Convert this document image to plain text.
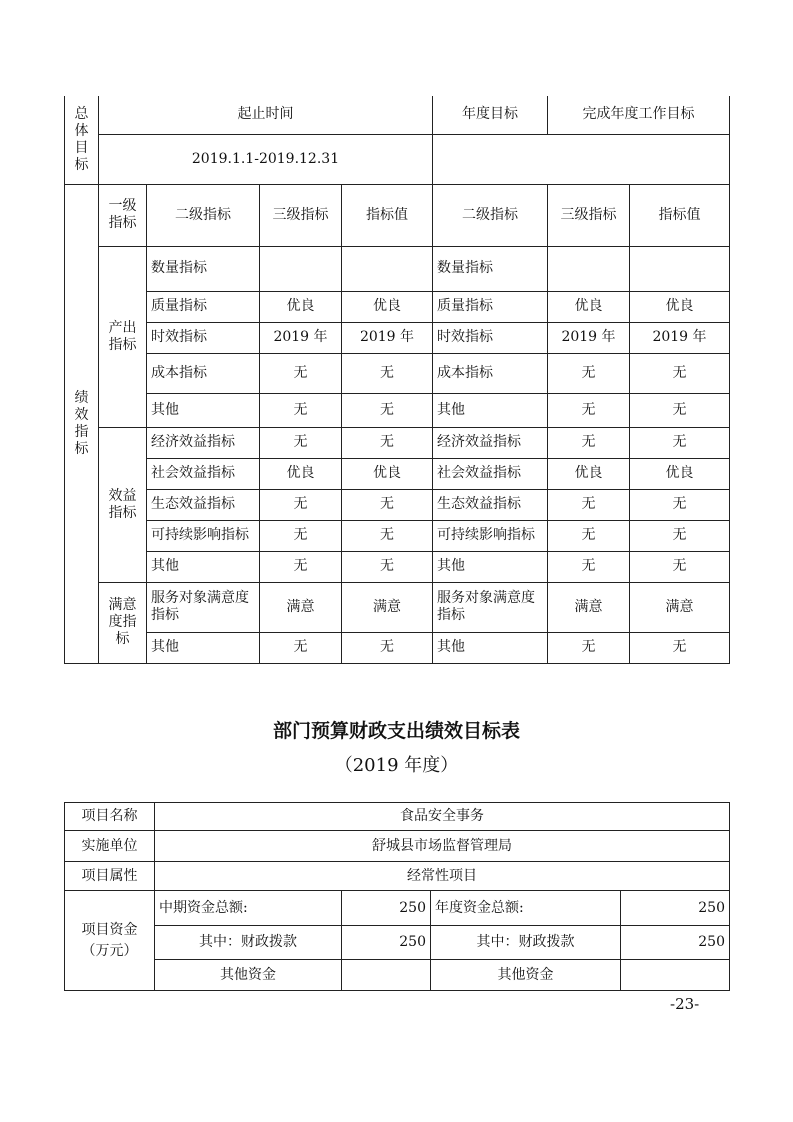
总体目标	起止时间				年度目标	完成年度工作目标	
	2019.1.1-2019.12.31						
绩效指标	一级指标	二级指标	三级指标	指标值	二级指标	三级指标	指标值
	产出指标	数量指标			数量指标		
		质量指标	优良	优良	质量指标	优良	优良
		时效指标	2019 年	2019 年	时效指标	2019 年	2019 年
		成本指标	无	无	成本指标	无	无
		其他	无	无	其他	无	无
	效益指标	经济效益指标	无	无	经济效益指标	无	无
		社会效益指标	优良	优良	社会效益指标	优良	优良
		生态效益指标	无	无	生态效益指标	无	无
		可持续影响指标	无	无	可持续影响指标	无	无
		其他	无	无	其他	无	无
	满意度指标	服务对象满意度指标	满意	满意	服务对象满意度指标	满意	满意
		其他	无	无	其他	无	无
部门预算财政支出绩效目标表
（2019 年度）
项目名称	食品安全事务			
实施单位	舒城县市场监督管理局			
项目属性	经常性项目			
项目资金（万元）	中期资金总额:	250	年度资金总额:	250
	其中：财政拨款	250	其中：财政拨款	250
	其他资金		其他资金	
-23-
